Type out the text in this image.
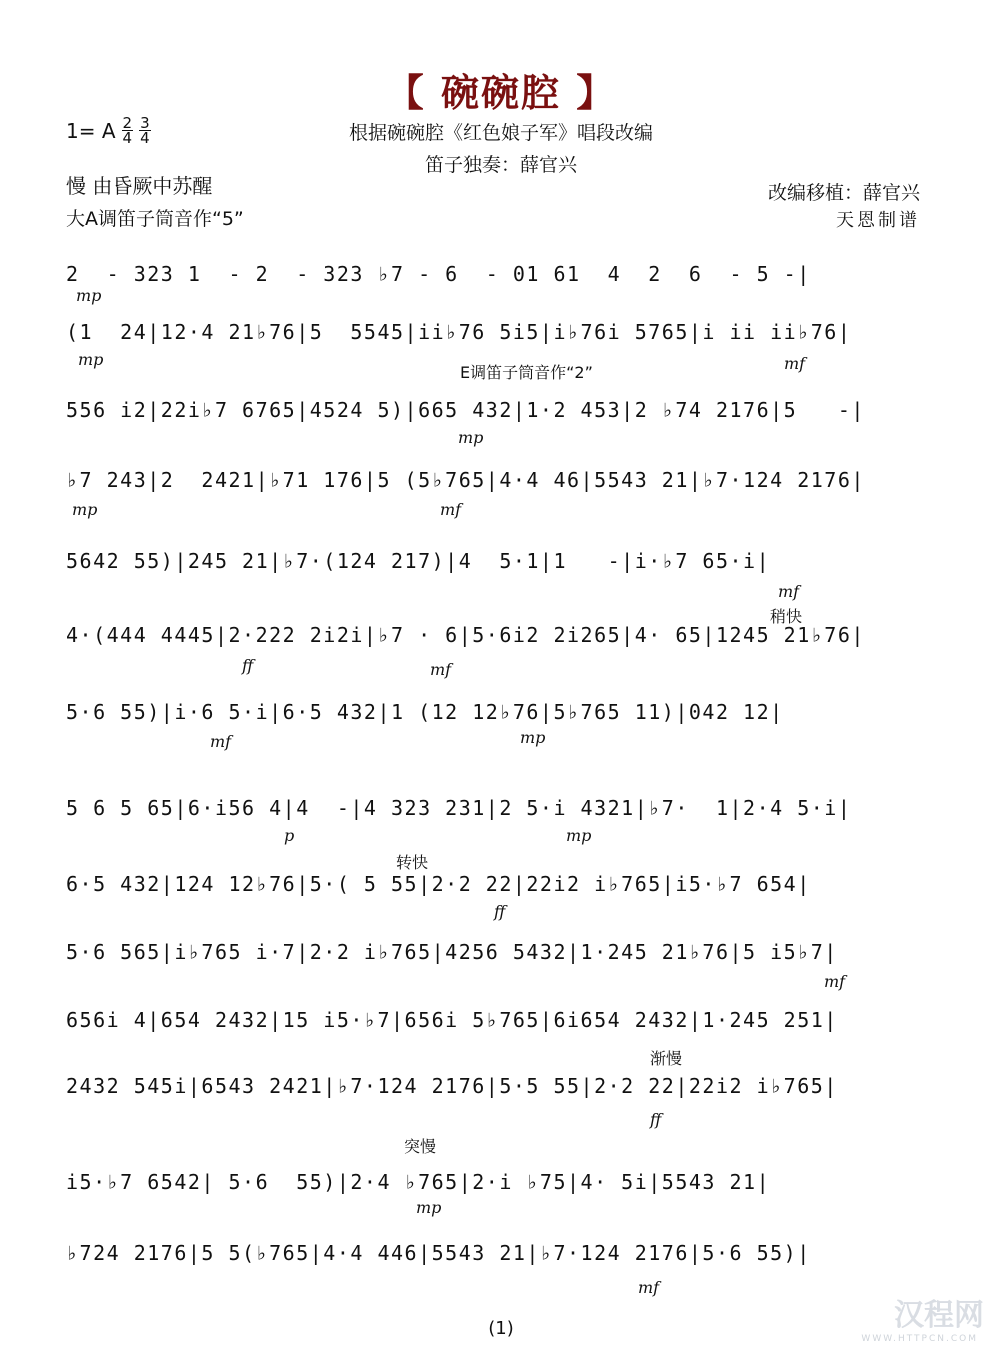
【 碗碗腔 】
1= A $\frac{2}{4} \frac{3}{4}$	根据碗碗腔《红色娘子军》唱段改编
笛子独奏：薛官兴
慢 由昏厥中苏醒	改编移植：薛官兴
天恩制谱
大A调笛子筒音作“5”
2  - 323 1  - 2  - 323 ♭7 - 6  - 01 61  4  2  6  - 5 -|
mp
(1  24|12·4 21♭76|5  5545|ii♭76 5i5|i♭76i 5765|i ii ii♭76|
mp	mf
E调笛子筒音作“2”
556 i2|22i♭7 6765|4524 5)|665 432|1·2 453|2 ♭74 2176|5   -|
mp
♭7 243|2  2421|♭71 176|5 (5♭765|4·4 46|5543 21|♭7·124 2176|
mp	mf
5642 55)|245 21|♭7·(124 217)|4  5·1|1   -|i·♭7 65·i|
mf
稍快
4·(444 4445|2·222 2i2i|♭7 · 6|5·6i2 2i265|4· 65|1245 21♭76|
ff	mf
5·6 55)|i·6 5·i|6·5 432|1 (12 12♭76|5♭765 11)|042 12|
mf	mp
5 6 5 65|6·i56 4|4  -|4 323 231|2 5·i 4321|♭7·  1|2·4 5·i|
p	mp
转快
6·5 432|124 12♭76|5·( 5 55|2·2 22|22i2 i♭765|i5·♭7 654|
ff
5·6 565|i♭765 i·7|2·2 i♭765|4256 5432|1·245 21♭76|5 i5♭7|
mf
656i 4|654 2432|15 i5·♭7|656i 5♭765|6i654 2432|1·245 251|
渐慢
2432 545i|6543 2421|♭7·124 2176|5·5 55|2·2 22|22i2 i♭765|
ff
突慢
i5·♭7 6542| 5·6  55)|2·4 ♭765|2·i ♭75|4· 5i|5543 21|
mp
♭724 2176|5 5(♭765|4·4 446|5543 21|♭7·124 2176|5·6 55)|
mf
(1)	汉程网
WWW.HTTPCN.COM
